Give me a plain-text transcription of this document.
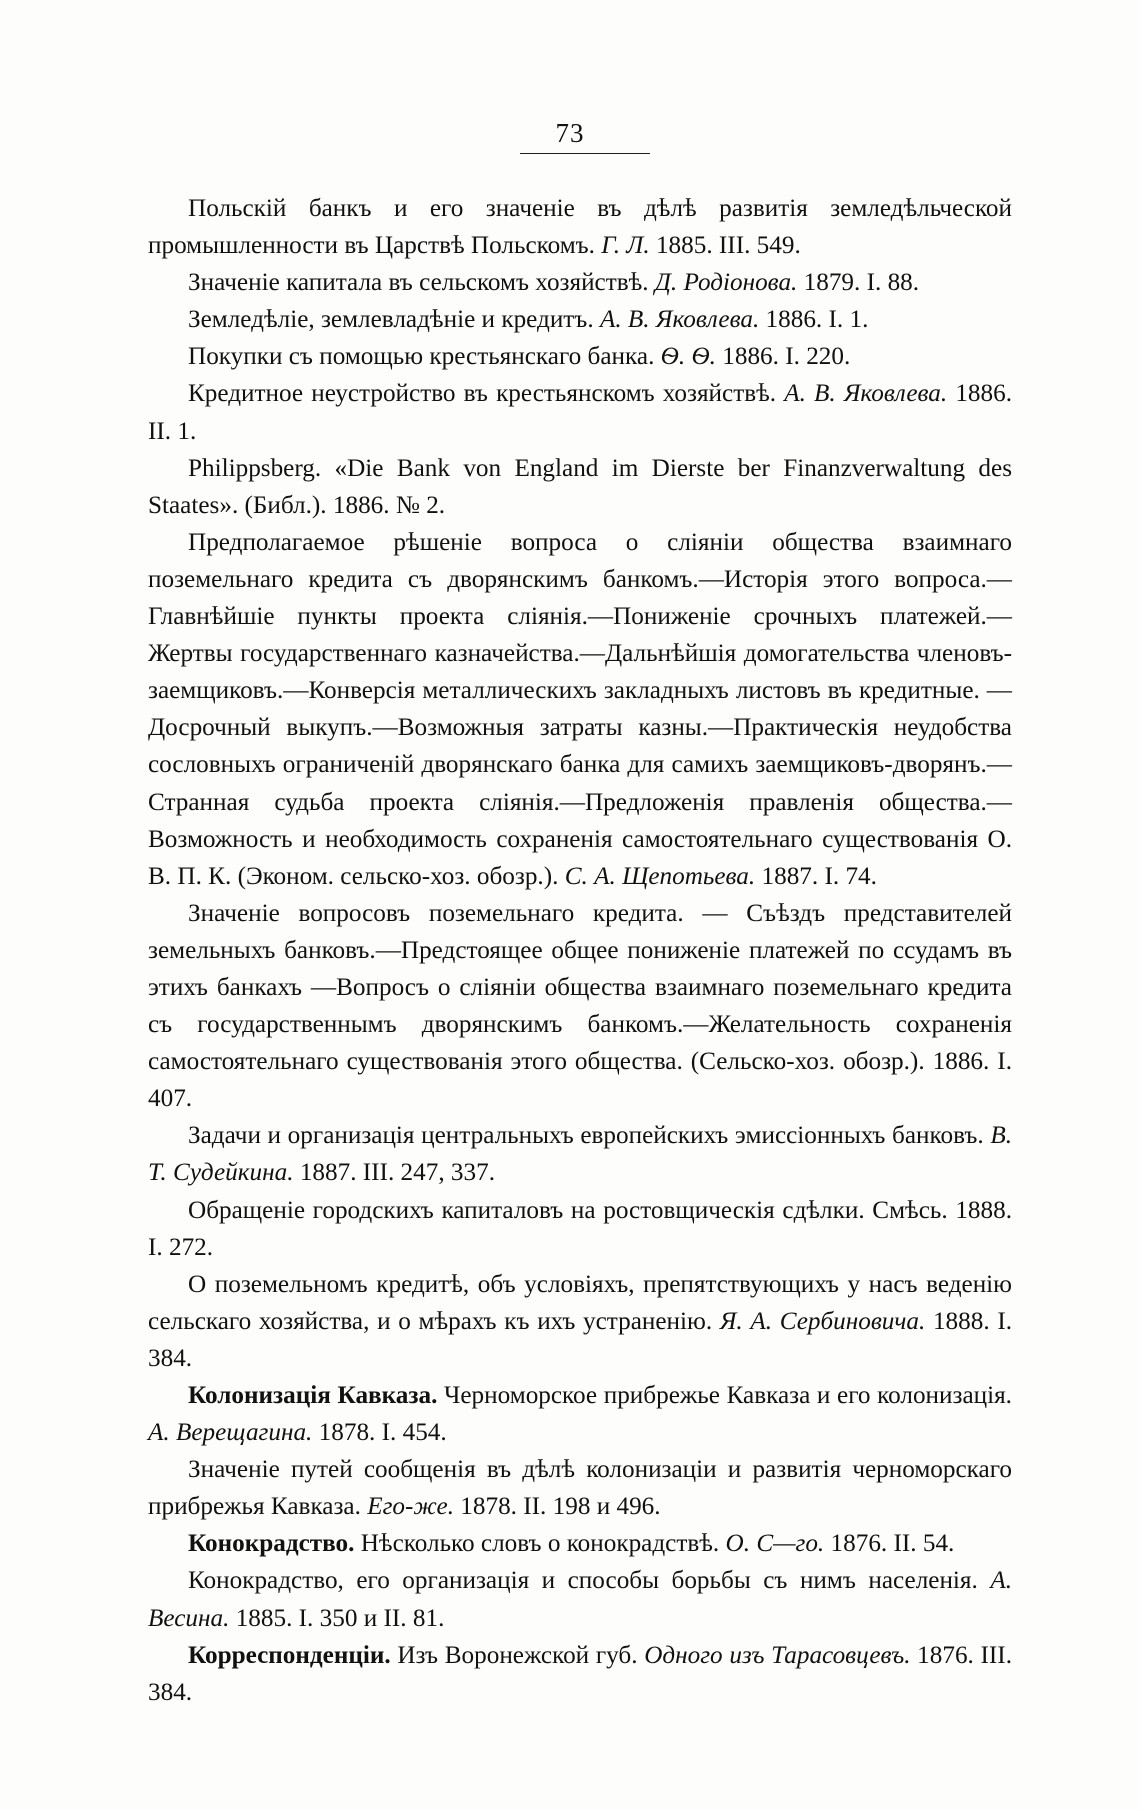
73

Польскій банкъ и его значеніе въ дѣлѣ развитія земледѣльческой промышленности въ Царствѣ Польскомъ. Г. Л. 1885. III. 549.

Значеніе капитала въ сельскомъ хозяйствѣ. Д. Родіонова. 1879. I. 88.

Земледѣліе, землевладѣніе и кредитъ. А. В. Яковлева. 1886. I. 1.

Покупки съ помощью крестьянскаго банка. Ѳ. Ѳ. 1886. I. 220.

Кредитное неустройство въ крестьянскомъ хозяйствѣ. А. В. Яковлева. 1886. II. 1.

Philippsberg. «Die Bank von England im Dierste ber Finanzverwaltung des Staates». (Библ.). 1886. № 2.

Предполагаемое рѣшеніе вопроса о сліяніи общества взаимнаго поземельнаго кредита съ дворянскимъ банкомъ.—Исторія этого вопроса.—Главнѣйшіе пункты проекта сліянія.—Пониженіе срочныхъ платежей.—Жертвы государственнаго казначейства.—Дальнѣйшія домогательства членовъ-заемщиковъ.—Конверсія металлическихъ закладныхъ листовъ въ кредитные. — Досрочный выкупъ.—Возможныя затраты казны.—Практическія неудобства сословныхъ ограниченій дворянскаго банка для самихъ заемщиковъ-дворянъ.—Странная судьба проекта сліянія.—Предложенія правленія общества.—Возможность и необходимость сохраненія самостоятельнаго существованія О. В. П. К. (Эконом. сельско-хоз. обозр.). С. А. Щепотьева. 1887. I. 74.

Значеніе вопросовъ поземельнаго кредита. — Съѣздъ представителей земельныхъ банковъ.—Предстоящее общее пониженіе платежей по ссудамъ въ этихъ банкахъ —Вопросъ о сліяніи общества взаимнаго поземельнаго кредита съ государственнымъ дворянскимъ банкомъ.—Желательность сохраненія самостоятельнаго существованія этого общества. (Сельско-хоз. обозр.). 1886. I. 407.

Задачи и организація центральныхъ европейскихъ эмиссіонныхъ банковъ. В. Т. Судейкина. 1887. III. 247, 337.

Обращеніе городскихъ капиталовъ на ростовщическія сдѣлки. Смѣсь. 1888. I. 272.

О поземельномъ кредитѣ, объ условіяхъ, препятствующихъ у насъ веденію сельскаго хозяйства, и о мѣрахъ къ ихъ устраненію. Я. А. Сербиновича. 1888. I. 384.

Колонизація Кавказа. Черноморское прибрежье Кавказа и его колонизація. А. Верещагина. 1878. I. 454.

Значеніе путей сообщенія въ дѣлѣ колонизаціи и развитія черноморскаго прибрежья Кавказа. Его-же. 1878. II. 198 и 496.

Конокрадство. Нѣсколько словъ о конокрадствѣ. О. С—го. 1876. II. 54.

Конокрадство, его организація и способы борьбы съ нимъ населенія. А. Весина. 1885. I. 350 и II. 81.

Корреспонденціи. Изъ Воронежской губ. Одного изъ Тарасовцевъ. 1876. III. 384.
